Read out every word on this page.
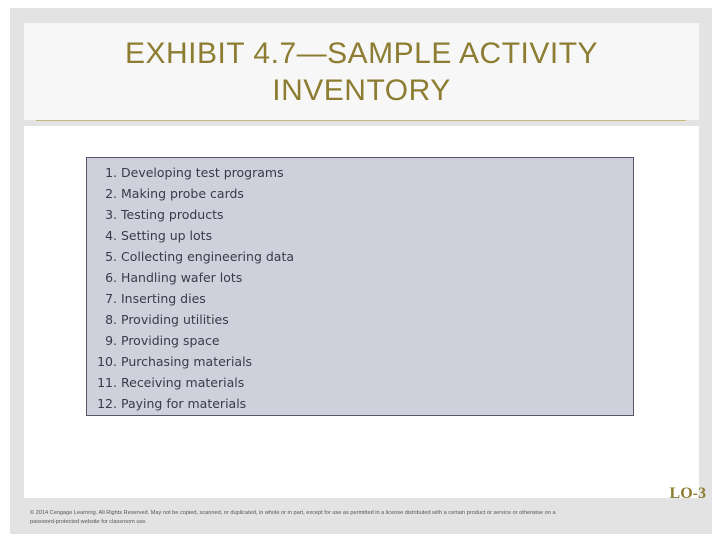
EXHIBIT 4.7—SAMPLE ACTIVITY
INVENTORY
1. Developing test programs
2. Making probe cards
3. Testing products
4. Setting up lots
5. Collecting engineering data
6. Handling wafer lots
7. Inserting dies
8. Providing utilities
9. Providing space
10. Purchasing materials
11. Receiving materials
12. Paying for materials
LO-3
© 2014 Cengage Learning. All Rights Reserved. May not be copied, scanned, or duplicated, in whole or in part, except for use as permitted in a license distributed with a certain product or service or otherwise on a
password-protected website for classroom use.
